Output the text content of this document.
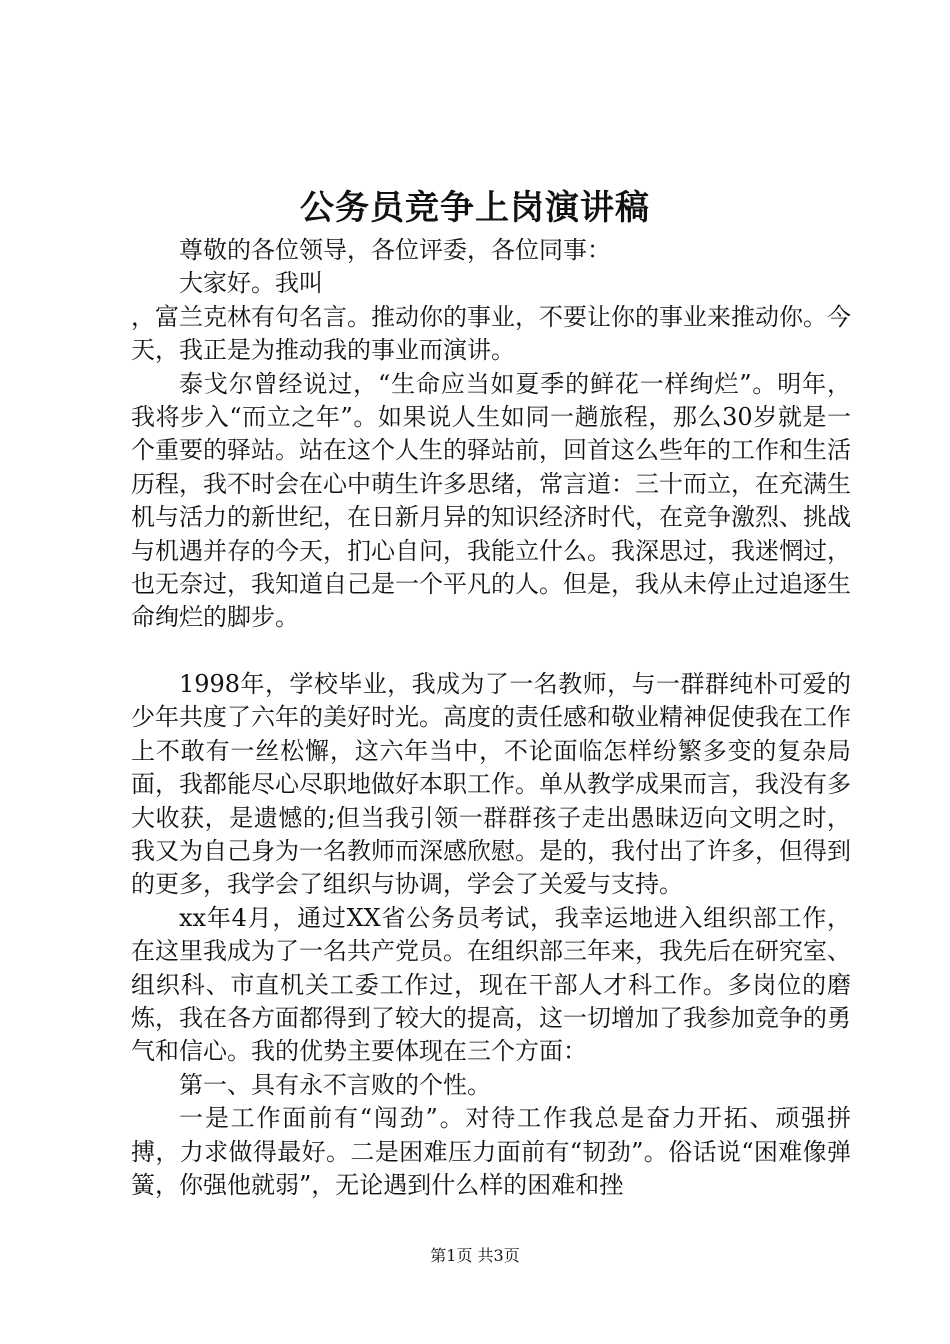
公务员竞争上岗演讲稿

尊敬的各位领导，各位评委，各位同事：

大家好。我叫

，富兰克林有句名言。推动你的事业，不要让你的事业来推动你。今天，我正是为推动我的事业而演讲。

泰戈尔曾经说过，“生命应当如夏季的鲜花一样绚烂”。明年，我将步入“而立之年”。如果说人生如同一趟旅程，那么30岁就是一个重要的驿站。站在这个人生的驿站前，回首这么些年的工作和生活历程，我不时会在心中萌生许多思绪，常言道：三十而立，在充满生机与活力的新世纪，在日新月异的知识经济时代，在竞争激烈、挑战与机遇并存的今天，扪心自问，我能立什么。我深思过，我迷惘过，也无奈过，我知道自己是一个平凡的人。但是，我从未停止过追逐生命绚烂的脚步。

1998年，学校毕业，我成为了一名教师，与一群群纯朴可爱的少年共度了六年的美好时光。高度的责任感和敬业精神促使我在工作上不敢有一丝松懈，这六年当中，不论面临怎样纷繁多变的复杂局面，我都能尽心尽职地做好本职工作。单从教学成果而言，我没有多大收获，是遗憾的;但当我引领一群群孩子走出愚昧迈向文明之时，我又为自己身为一名教师而深感欣慰。是的，我付出了许多，但得到的更多，我学会了组织与协调，学会了关爱与支持。

xx年4月，通过XX省公务员考试，我幸运地进入组织部工作，在这里我成为了一名共产党员。在组织部三年来，我先后在研究室、组织科、市直机关工委工作过，现在干部人才科工作。多岗位的磨炼，我在各方面都得到了较大的提高，这一切增加了我参加竞争的勇气和信心。我的优势主要体现在三个方面：

第一、具有永不言败的个性。

一是工作面前有“闯劲”。对待工作我总是奋力开拓、顽强拼搏，力求做得最好。二是困难压力面前有“韧劲”。俗话说“困难像弹簧，你强他就弱”，无论遇到什么样的困难和挫

第1页 共3页
